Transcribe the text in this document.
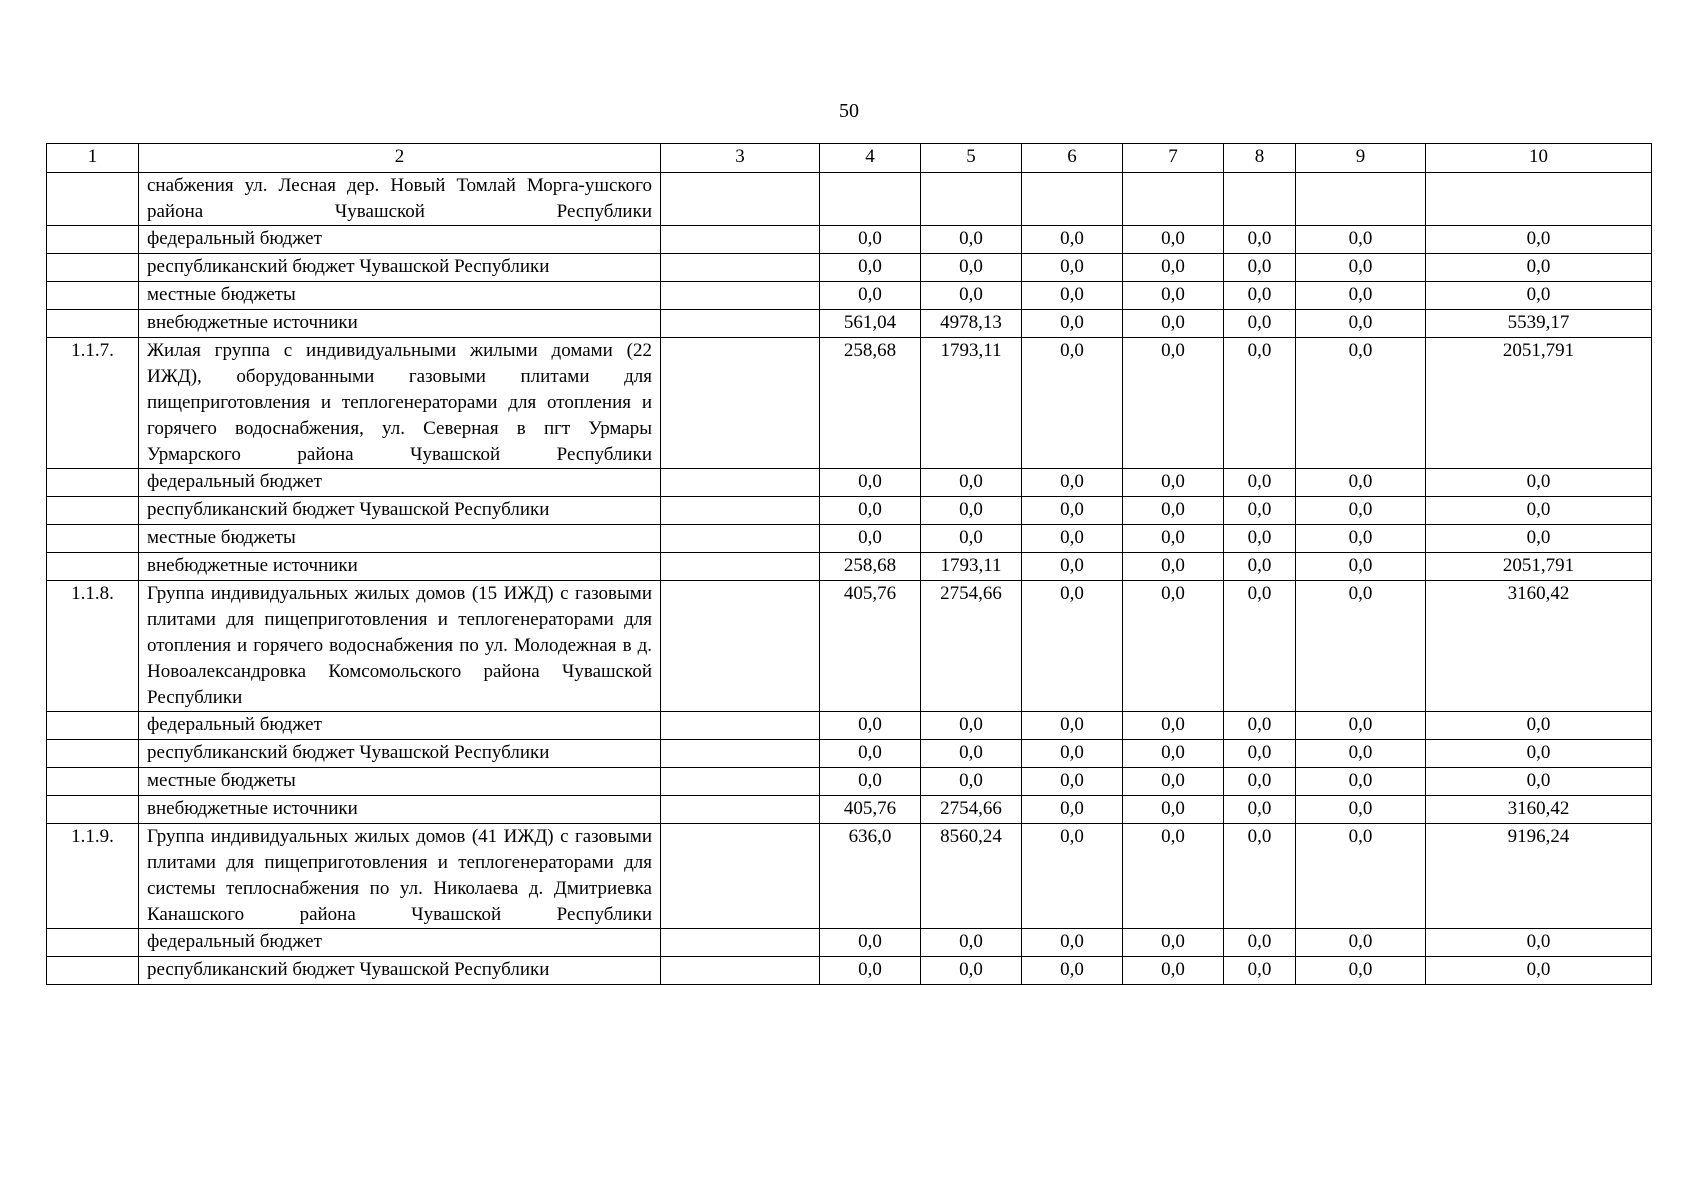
50
1	2	3	4	5	6	7	8	9	10
	снабжения ул. Лесная дер. Новый Томлай Морга-ушского района Чувашской Республики								
	федеральный бюджет		0,0	0,0	0,0	0,0	0,0	0,0	0,0
	республиканский бюджет Чувашской Республики		0,0	0,0	0,0	0,0	0,0	0,0	0,0
	местные бюджеты		0,0	0,0	0,0	0,0	0,0	0,0	0,0
	внебюджетные источники		561,04	4978,13	0,0	0,0	0,0	0,0	5539,17
1.1.7.	Жилая группа с индивидуальными жилыми домами (22 ИЖД), оборудованными газовыми плитами для пищеприготовления и теплогенераторами для отопления и горячего водоснабжения, ул. Северная в пгт Урмары Урмарского района Чувашской Республики		258,68	1793,11	0,0	0,0	0,0	0,0	2051,791
	федеральный бюджет		0,0	0,0	0,0	0,0	0,0	0,0	0,0
	республиканский бюджет Чувашской Республики		0,0	0,0	0,0	0,0	0,0	0,0	0,0
	местные бюджеты		0,0	0,0	0,0	0,0	0,0	0,0	0,0
	внебюджетные источники		258,68	1793,11	0,0	0,0	0,0	0,0	2051,791
1.1.8.	Группа индивидуальных жилых домов (15 ИЖД) с газовыми плитами для пищеприготовления и теплогенераторами для отопления и горячего водоснабжения по ул. Молодежная в д. Новоалександровка Комсомольского района Чувашской Республики		405,76	2754,66	0,0	0,0	0,0	0,0	3160,42
	федеральный бюджет		0,0	0,0	0,0	0,0	0,0	0,0	0,0
	республиканский бюджет Чувашской Республики		0,0	0,0	0,0	0,0	0,0	0,0	0,0
	местные бюджеты		0,0	0,0	0,0	0,0	0,0	0,0	0,0
	внебюджетные источники		405,76	2754,66	0,0	0,0	0,0	0,0	3160,42
1.1.9.	Группа индивидуальных жилых домов (41 ИЖД) с газовыми плитами для пищеприготовления и теплогенераторами для системы теплоснабжения по ул. Николаева д. Дмитриевка Канашского района Чувашской Республики		636,0	8560,24	0,0	0,0	0,0	0,0	9196,24
	федеральный бюджет		0,0	0,0	0,0	0,0	0,0	0,0	0,0
	республиканский бюджет Чувашской Республики		0,0	0,0	0,0	0,0	0,0	0,0	0,0
